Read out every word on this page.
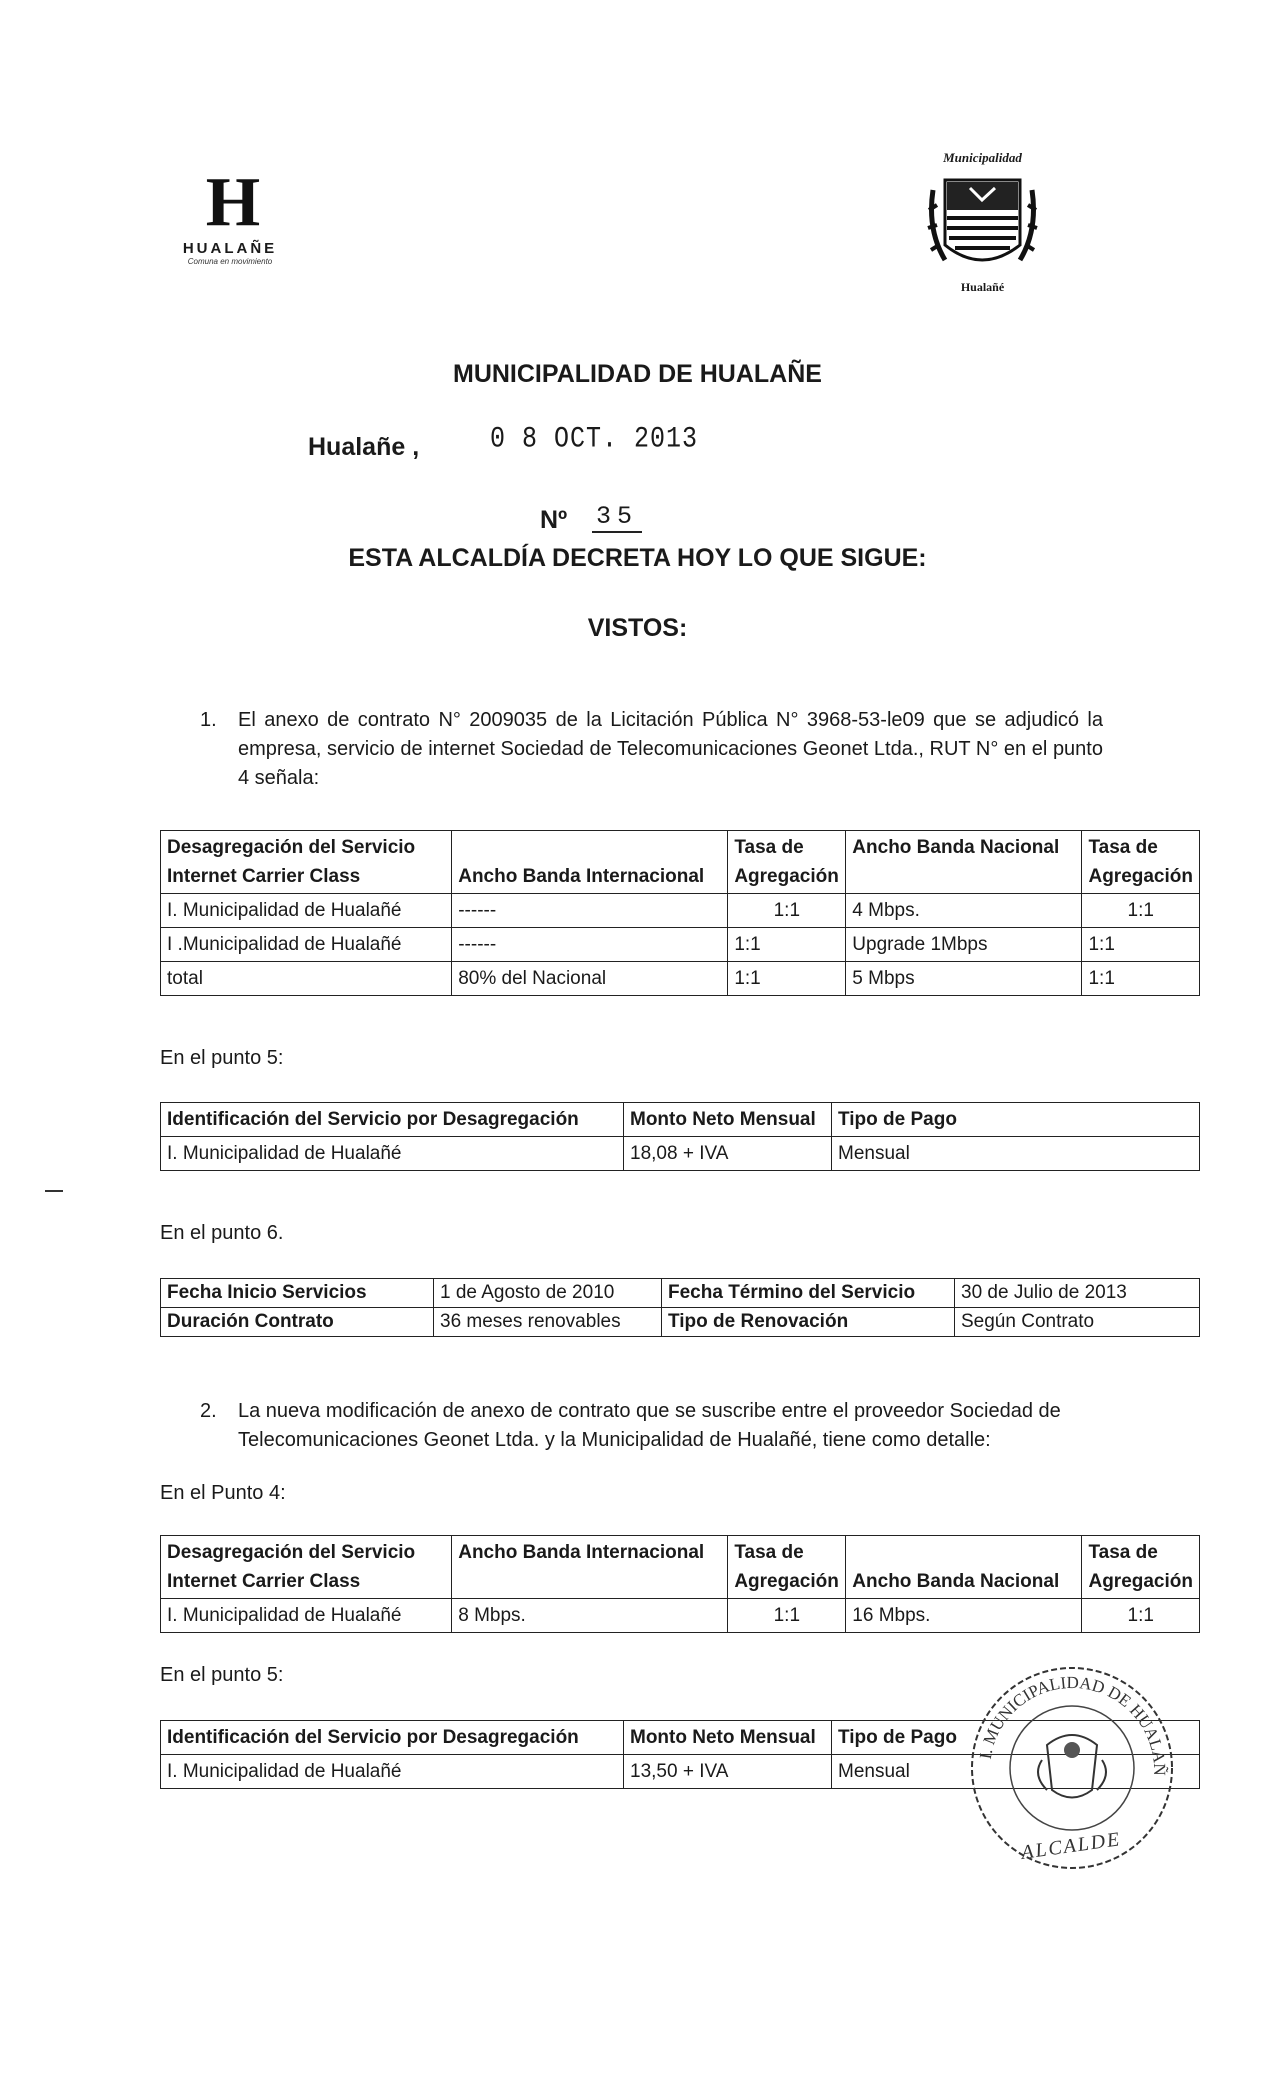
H
HUALAÑE
Comuna en movimiento
Municipalidad
Hualañé
MUNICIPALIDAD DE HUALAÑE
Hualañe ,	0 8 OCT. 2013
Nº 35
ESTA ALCALDÍA DECRETA HOY LO QUE SIGUE:
VISTOS:
1. El anexo de contrato N° 2009035 de la Licitación Pública N° 3968-53-le09 que se adjudicó la empresa, servicio de internet Sociedad de Telecomunicaciones Geonet Ltda., RUT N° en el punto 4 señala:
Desagregación del Servicio Internet Carrier Class	Ancho Banda Internacional	Tasa de Agregación	Ancho Banda Nacional	Tasa de Agregación
I. Municipalidad de Hualañé	------	1:1	4 Mbps.	1:1
I .Municipalidad de Hualañé	------	1:1	Upgrade 1Mbps	1:1
total	80% del Nacional	1:1	5 Mbps	1:1
En el punto 5:
Identificación del Servicio por Desagregación	Monto Neto Mensual	Tipo de Pago
I. Municipalidad de Hualañé	18,08 + IVA	Mensual
En el punto 6.
Fecha Inicio Servicios	1 de Agosto de 2010	Fecha Término del Servicio	30 de Julio de 2013
Duración Contrato	36 meses renovables	Tipo de Renovación	Según Contrato
2. La nueva modificación de anexo de contrato que se suscribe entre el proveedor Sociedad de Telecomunicaciones Geonet Ltda. y la Municipalidad de Hualañé, tiene como detalle:
En el Punto 4:
Desagregación del Servicio Internet Carrier Class	Ancho Banda Internacional	Tasa de Agregación	Ancho Banda Nacional	Tasa de Agregación
I. Municipalidad de Hualañé	8 Mbps.	1:1	16 Mbps.	1:1
En el punto 5:
Identificación del Servicio por Desagregación	Monto Neto Mensual	Tipo de Pago
I. Municipalidad de Hualañé	13,50 + IVA	Mensual
I. MUNICIPALIDAD DE HUALAÑ
ALCALDE
